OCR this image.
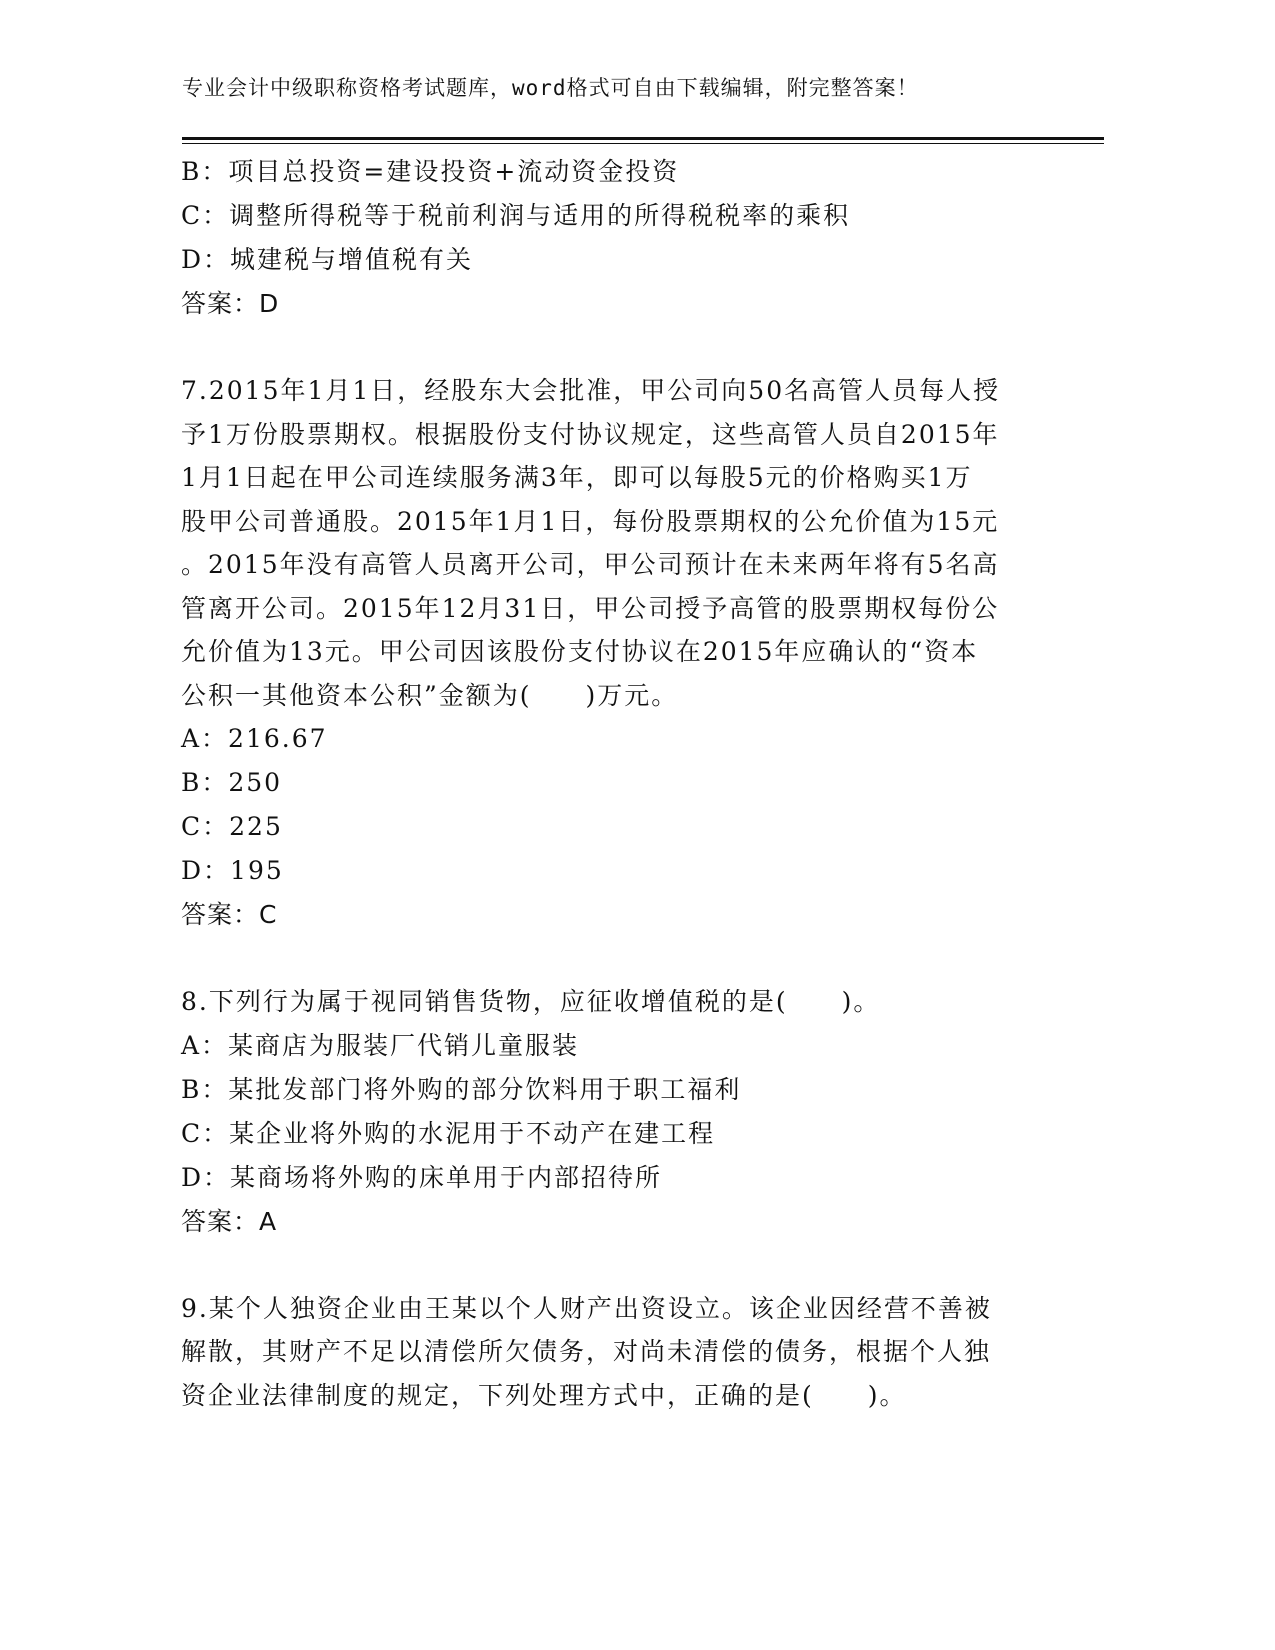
专业会计中级职称资格考试题库，word格式可自由下载编辑，附完整答案！
B：项目总投资=建设投资+流动资金投资
C：调整所得税等于税前利润与适用的所得税税率的乘积
D：城建税与增值税有关
答案：D
7.2015年1月1日，经股东大会批准，甲公司向50名高管人员每人授
予1万份股票期权。根据股份支付协议规定，这些高管人员自2015年
1月1日起在甲公司连续服务满3年，即可以每股5元的价格购买1万
股甲公司普通股。2015年1月1日，每份股票期权的公允价值为15元
。2015年没有高管人员离开公司，甲公司预计在未来两年将有5名高
管离开公司。2015年12月31日，甲公司授予高管的股票期权每份公
允价值为13元。甲公司因该股份支付协议在2015年应确认的“资本
公积一其他资本公积”金额为(　　)万元。
A：216.67
B：250
C：225
D：195
答案：C
8.下列行为属于视同销售货物，应征收增值税的是(　　)。
A：某商店为服装厂代销儿童服装
B：某批发部门将外购的部分饮料用于职工福利
C：某企业将外购的水泥用于不动产在建工程
D：某商场将外购的床单用于内部招待所
答案：A
9.某个人独资企业由王某以个人财产出资设立。该企业因经营不善被
解散，其财产不足以清偿所欠债务，对尚未清偿的债务，根据个人独
资企业法律制度的规定，下列处理方式中，正确的是(　　)。
